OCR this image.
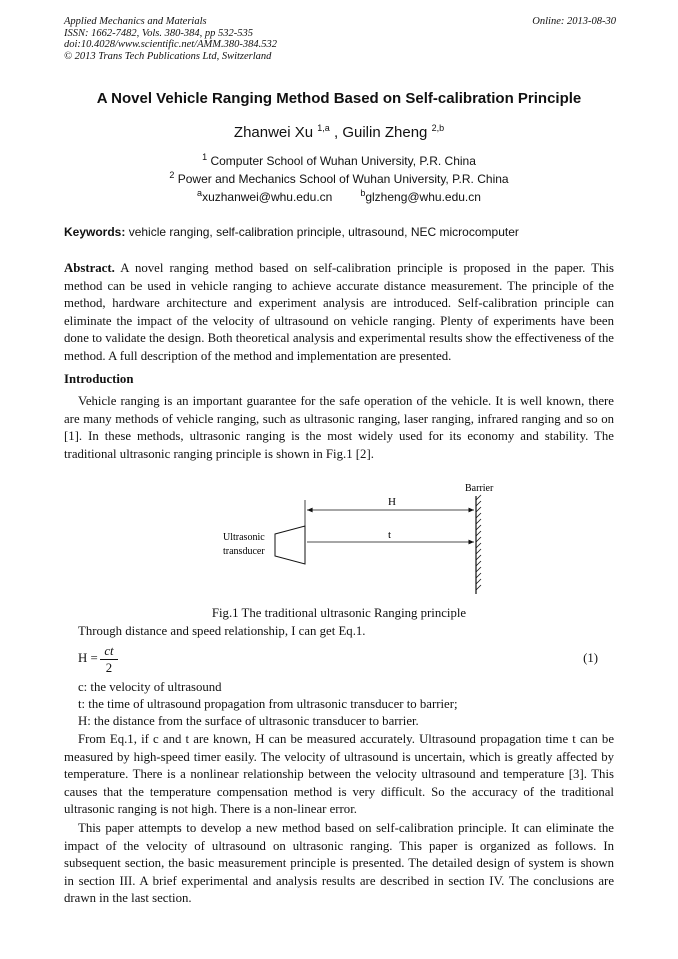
Applied Mechanics and Materials
ISSN: 1662-7482, Vols. 380-384, pp 532-535
doi:10.4028/www.scientific.net/AMM.380-384.532
© 2013 Trans Tech Publications Ltd, Switzerland
Online: 2013-08-30
A Novel Vehicle Ranging Method Based on Self-calibration Principle
Zhanwei Xu $^{1,a}$ , Guilin Zheng $^{2,b}$
$^1$ Computer School of Wuhan University, P.R. China
$^2$ Power and Mechanics School of Wuhan University, P.R. China
$^a$xuzhanwei@whu.edu.cn	$^b$glzheng@whu.edu.cn
Keywords: vehicle ranging, self-calibration principle, ultrasound, NEC microcomputer
Abstract. A novel ranging method based on self-calibration principle is proposed in the paper. This method can be used in vehicle ranging to achieve accurate distance measurement. The principle of the method, hardware architecture and experiment analysis are introduced. Self-calibration principle can eliminate the impact of the velocity of ultrasound on vehicle ranging. Plenty of experiments have been done to validate the design. Both theoretical analysis and experimental results show the effectiveness of the method. A full description of the method and implementation are presented.
Introduction
Vehicle ranging is an important guarantee for the safe operation of the vehicle. It is well known, there are many methods of vehicle ranging, such as ultrasonic ranging, laser ranging, infrared ranging and so on [1]. In these methods, ultrasonic ranging is the most widely used for its economy and stability. The traditional ultrasonic ranging principle is shown in Fig.1 [2].
Barrier
H
Ultrasonic
transducer
t
Fig.1 The traditional ultrasonic Ranging principle
Through distance and speed relationship, I can get Eq.1.
$H = \frac{ct}{2}$	(1)
c: the velocity of ultrasound
t: the time of ultrasound propagation from ultrasonic transducer to barrier;
H: the distance from the surface of ultrasonic transducer to barrier.
From Eq.1, if c and t are known, H can be measured accurately. Ultrasound propagation time t can be measured by high-speed timer easily. The velocity of ultrasound is uncertain, which is greatly affected by temperature. There is a nonlinear relationship between the velocity ultrasound and temperature [3]. This causes that the temperature compensation method is very difficult. So the accuracy of the traditional ultrasonic ranging is not high. There is a non-linear error.
This paper attempts to develop a new method based on self-calibration principle. It can eliminate the impact of the velocity of ultrasound on ultrasonic ranging. This paper is organized as follows. In subsequent section, the basic measurement principle is presented. The detailed design of system is shown in section III. A brief experimental and analysis results are described in section IV. The conclusions are drawn in the last section.
